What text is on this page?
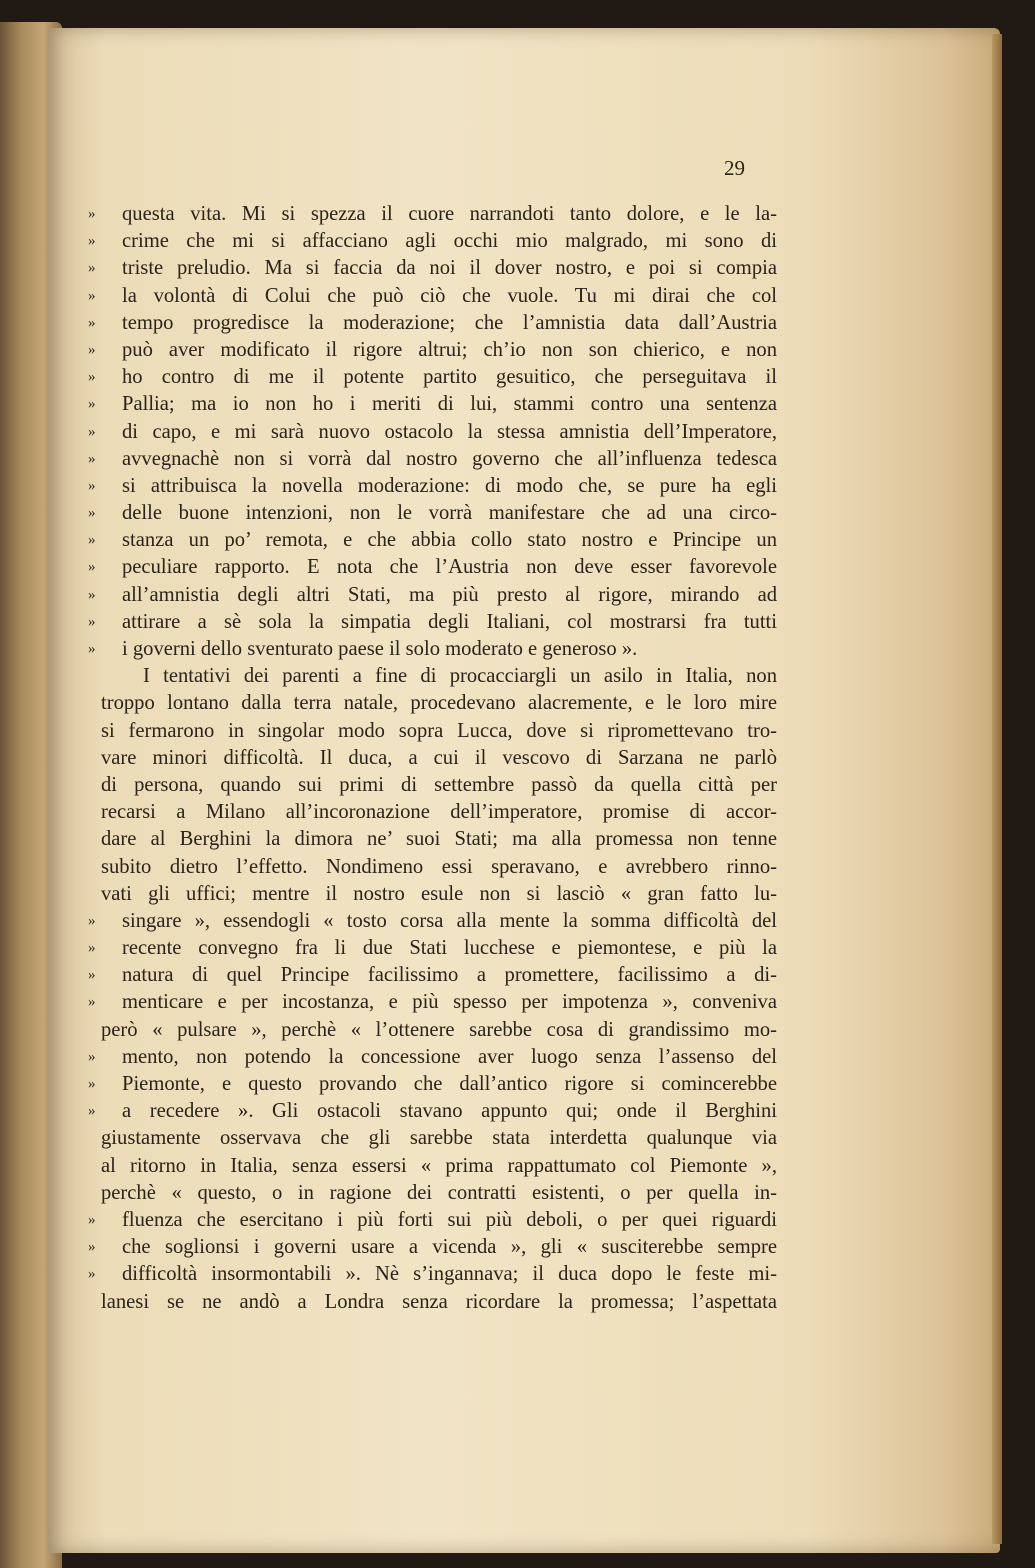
29
»	questa vita. Mi si spezza il cuore narrandoti tanto dolore, e le la-
»	crime che mi si affacciano agli occhi mio malgrado, mi sono di
»	triste preludio. Ma si faccia da noi il dover nostro, e poi si compia
»	la volontà di Colui che può ciò che vuole. Tu mi dirai che col
»	tempo progredisce la moderazione; che l’amnistia data dall’Austria
»	può aver modificato il rigore altrui; ch’io non son chierico, e non
»	ho contro di me il potente partito gesuitico, che perseguitava il
»	Pallia; ma io non ho i meriti di lui, stammi contro una sentenza
»	di capo, e mi sarà nuovo ostacolo la stessa amnistia dell’Imperatore,
»	avvegnachè non si vorrà dal nostro governo che all’influenza tedesca
»	si attribuisca la novella moderazione: di modo che, se pure ha egli
»	delle buone intenzioni, non le vorrà manifestare che ad una circo-
»	stanza un po’ remota, e che abbia collo stato nostro e Principe un
»	peculiare rapporto. E nota che l’Austria non deve esser favorevole
»	all’amnistia degli altri Stati, ma più presto al rigore, mirando ad
»	attirare a sè sola la simpatia degli Italiani, col mostrarsi fra tutti
»	i governi dello sventurato paese il solo moderato e generoso ».
I tentativi dei parenti a fine di procacciargli un asilo in Italia, non
troppo lontano dalla terra natale, procedevano alacremente, e le loro mire
si fermarono in singolar modo sopra Lucca, dove si ripromettevano tro-
vare minori difficoltà. Il duca, a cui il vescovo di Sarzana ne parlò
di persona, quando sui primi di settembre passò da quella città per
recarsi a Milano all’incoronazione dell’imperatore, promise di accor-
dare al Berghini la dimora ne’ suoi Stati; ma alla promessa non tenne
subito dietro l’effetto. Nondimeno essi speravano, e avrebbero rinno-
vati gli uffici; mentre il nostro esule non si lasciò « gran fatto lu-
»	singare », essendogli « tosto corsa alla mente la somma difficoltà del
»	recente convegno fra li due Stati lucchese e piemontese, e più la
»	natura di quel Principe facilissimo a promettere, facilissimo a di-
»	menticare e per incostanza, e più spesso per impotenza », conveniva
però « pulsare », perchè « l’ottenere sarebbe cosa di grandissimo mo-
»	mento, non potendo la concessione aver luogo senza l’assenso del
»	Piemonte, e questo provando che dall’antico rigore si comincerebbe
»	a recedere ». Gli ostacoli stavano appunto qui; onde il Berghini
giustamente osservava che gli sarebbe stata interdetta qualunque via
al ritorno in Italia, senza essersi « prima rappattumato col Piemonte »,
perchè « questo, o in ragione dei contratti esistenti, o per quella in-
»	fluenza che esercitano i più forti sui più deboli, o per quei riguardi
»	che soglionsi i governi usare a vicenda », gli « susciterebbe sempre
»	difficoltà insormontabili ». Nè s’ingannava; il duca dopo le feste mi-
lanesi se ne andò a Londra senza ricordare la promessa; l’aspettata
